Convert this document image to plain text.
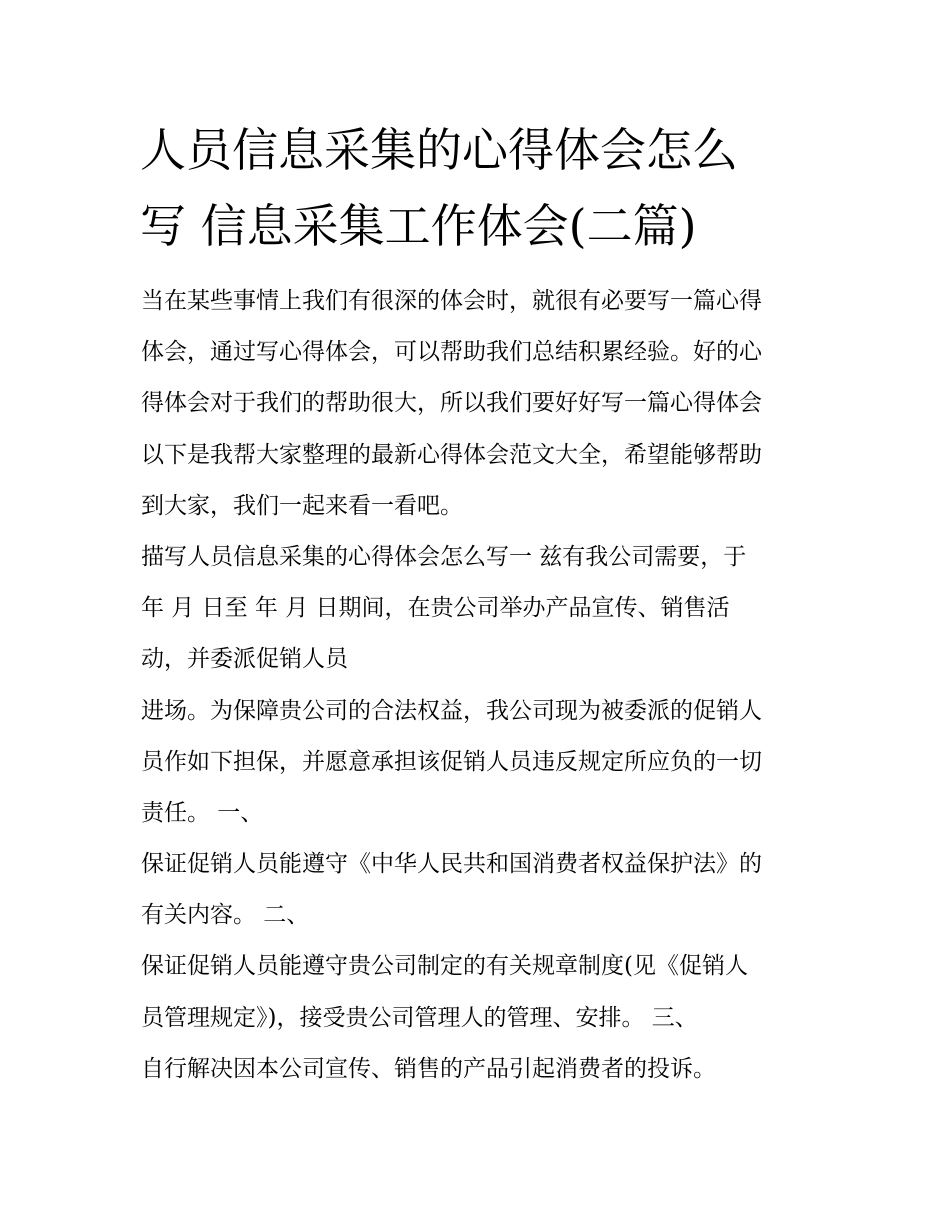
人员信息采集的心得体会怎么
写 信息采集工作体会(二篇)
当在某些事情上我们有很深的体会时，就很有必要写一篇心得
体会，通过写心得体会，可以帮助我们总结积累经验。好的心
得体会对于我们的帮助很大，所以我们要好好写一篇心得体会
以下是我帮大家整理的最新心得体会范文大全，希望能够帮助
到大家，我们一起来看一看吧。
描写人员信息采集的心得体会怎么写一 兹有我公司需要，于
年 月 日至 年 月 日期间，在贵公司举办产品宣传、销售活
动，并委派促销人员
进场。为保障贵公司的合法权益，我公司现为被委派的促销人
员作如下担保，并愿意承担该促销人员违反规定所应负的一切
责任。 一、
保证促销人员能遵守《中华人民共和国消费者权益保护法》的
有关内容。 二、
保证促销人员能遵守贵公司制定的有关规章制度(见《促销人
员管理规定》)，接受贵公司管理人的管理、安排。 三、
自行解决因本公司宣传、销售的产品引起消费者的投诉。
